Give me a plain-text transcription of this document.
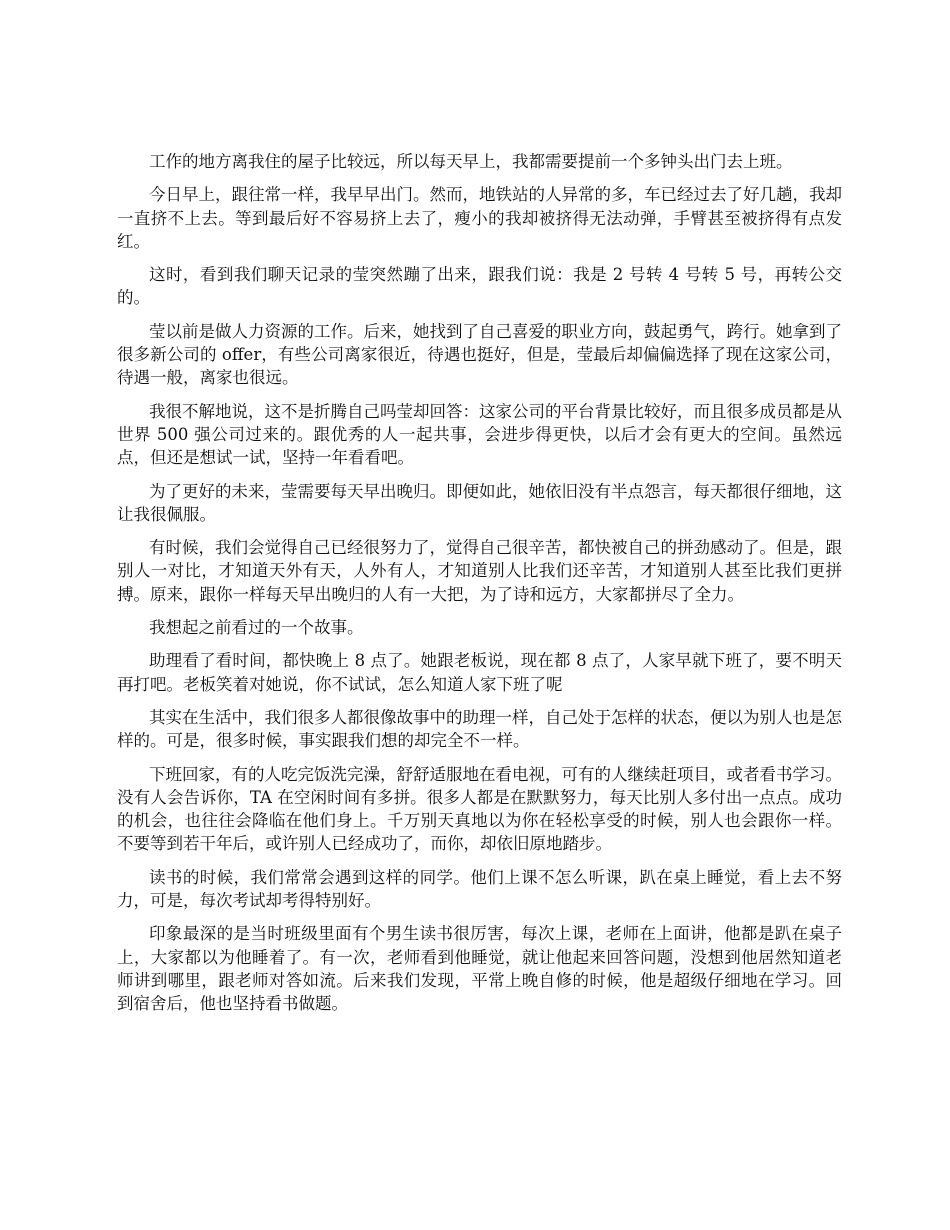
工作的地方离我住的屋子比较远，所以每天早上，我都需要提前一个多钟头出门去上班。

今日早上，跟往常一样，我早早出门。然而，地铁站的人异常的多，车已经过去了好几趟，我却一直挤不上去。等到最后好不容易挤上去了，瘦小的我却被挤得无法动弹，手臂甚至被挤得有点发红。

这时，看到我们聊天记录的莹突然蹦了出来，跟我们说：我是 2 号转 4 号转 5 号，再转公交的。

莹以前是做人力资源的工作。后来，她找到了自己喜爱的职业方向，鼓起勇气，跨行。她拿到了很多新公司的 offer，有些公司离家很近，待遇也挺好，但是，莹最后却偏偏选择了现在这家公司，待遇一般，离家也很远。

我很不解地说，这不是折腾自己吗莹却回答：这家公司的平台背景比较好，而且很多成员都是从世界 500 强公司过来的。跟优秀的人一起共事，会进步得更快，以后才会有更大的空间。虽然远点，但还是想试一试，坚持一年看看吧。

为了更好的未来，莹需要每天早出晚归。即便如此，她依旧没有半点怨言，每天都很仔细地，这让我很佩服。

有时候，我们会觉得自己已经很努力了，觉得自己很辛苦，都快被自己的拼劲感动了。但是，跟别人一对比，才知道天外有天，人外有人，才知道别人比我们还辛苦，才知道别人甚至比我们更拼搏。原来，跟你一样每天早出晚归的人有一大把，为了诗和远方，大家都拼尽了全力。

我想起之前看过的一个故事。

助理看了看时间，都快晚上 8 点了。她跟老板说，现在都 8 点了，人家早就下班了，要不明天再打吧。老板笑着对她说，你不试试，怎么知道人家下班了呢

其实在生活中，我们很多人都很像故事中的助理一样，自己处于怎样的状态，便以为别人也是怎样的。可是，很多时候，事实跟我们想的却完全不一样。

下班回家，有的人吃完饭洗完澡，舒舒适服地在看电视，可有的人继续赶项目，或者看书学习。没有人会告诉你，TA 在空闲时间有多拼。很多人都是在默默努力，每天比别人多付出一点点。成功的机会，也往往会降临在他们身上。千万别天真地以为你在轻松享受的时候，别人也会跟你一样。不要等到若干年后，或许别人已经成功了，而你，却依旧原地踏步。

读书的时候，我们常常会遇到这样的同学。他们上课不怎么听课，趴在桌上睡觉，看上去不努力，可是，每次考试却考得特别好。

印象最深的是当时班级里面有个男生读书很厉害，每次上课，老师在上面讲，他都是趴在桌子上，大家都以为他睡着了。有一次，老师看到他睡觉，就让他起来回答问题，没想到他居然知道老师讲到哪里，跟老师对答如流。后来我们发现，平常上晚自修的时候，他是超级仔细地在学习。回到宿舍后，他也坚持看书做题。
